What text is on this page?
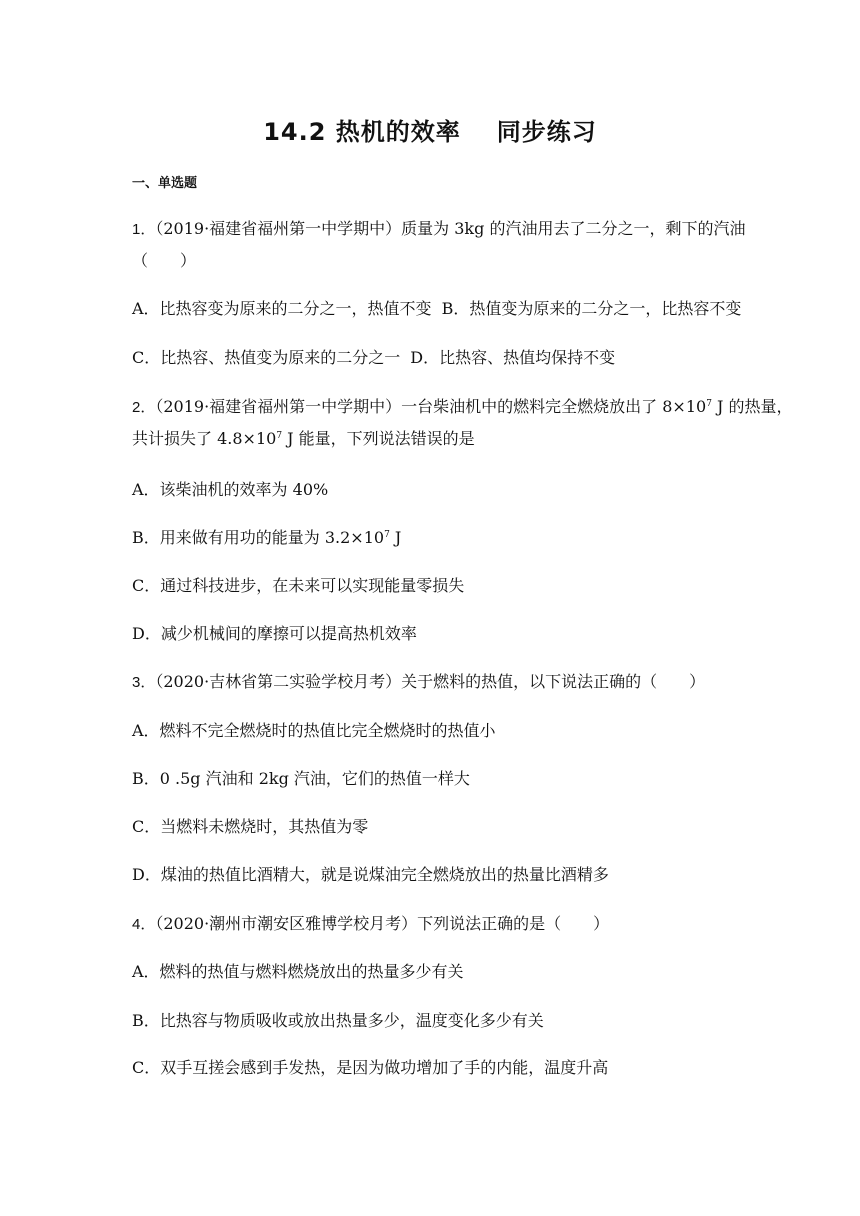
14.2 热机的效率 同步练习
一、单选题
1．（2019·福建省福州第一中学期中）质量为 3kg 的汽油用去了二分之一，剩下的汽油
（　　）
A．比热容变为原来的二分之一，热值不变 B．热值变为原来的二分之一，比热容不变
C．比热容、热值变为原来的二分之一 D．比热容、热值均保持不变
2．（2019·福建省福州第一中学期中）一台柴油机中的燃料完全燃烧放出了 $8\times 10^7$ J 的热量，
共计损失了 $4.8\times 10^7$ J 能量，下列说法错误的是
A．该柴油机的效率为 40%
B．用来做有用功的能量为 $3.2\times 10^7$ J
C．通过科技进步，在未来可以实现能量零损失
D．减少机械间的摩擦可以提高热机效率
3．（2020·吉林省第二实验学校月考）关于燃料的热值，以下说法正确的（　　）
A．燃料不完全燃烧时的热值比完全燃烧时的热值小
B．0 .5g 汽油和 2kg 汽油，它们的热值一样大
C．当燃料未燃烧时，其热值为零
D．煤油的热值比酒精大，就是说煤油完全燃烧放出的热量比酒精多
4．（2020·潮州市潮安区雅博学校月考）下列说法正确的是（　　）
A．燃料的热值与燃料燃烧放出的热量多少有关
B．比热容与物质吸收或放出热量多少，温度变化多少有关
C．双手互搓会感到手发热，是因为做功增加了手的内能，温度升高
